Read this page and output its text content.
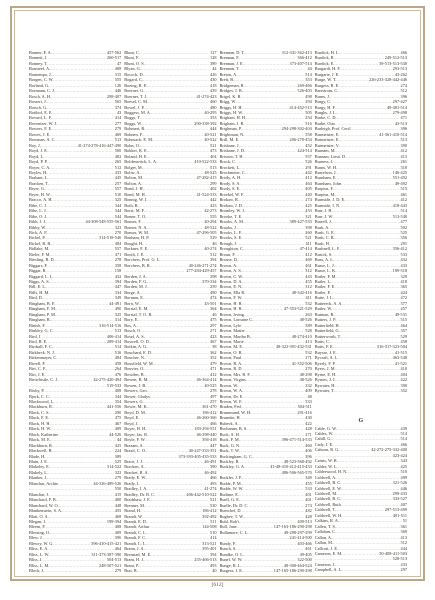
Bonner, F. A. .....	457-562
Bonnett, J. .....	260-517
Bonney, T. .....	47
Bonsteel, A. .....	408
Bontempo, J. .....	315
Borgen, C. W. .....	555
Borland, G. .....	126
Bormann, C. J. .....	446
Bosch, A. H. .....	298-407
Bossert, J. .....	565
Botsch, G. .....	374
Botthof, E. E. .....	43
Bovard, L. F. .....	414
Bovenizer, W. J. .....	277
Bowers, F. E. .....	279
Bowes, J. E. .....	469
Bowman, A. C. .....	513
Boy, J. .....	41-274-278-416-447-490
Boyd, J. E. .....	500
Boyd, L. .....	482
Boyd, P. P. .....	265
Boyer, C. A. .....	512
Boyles, H. .....	433
Brabant, L. .....	445
Bracken, T. .....	257
Bryer, G. .....	557
Bryer, H. W. .....	510
Bracco, A. H. .....	325
Bibe, C. J. .....	344
Bibe, L. J. .....	344
Bibe, O. J. .....	544
Bibb, J. J. .....	44-308-548-555-561
Bibby, W. .....	323
Bick, A. F. .....	270
Bickel, P. .....	314-518-546
Bickel, R. B. .....	484
Bidlake, M. .....	557
Bieler, F. M. .....	471
Biesling, B. D. .....	278
Biggars, F. .....	358
Biggar, R. .....	158
Biggard, L. L. .....	432
Biggs, A. S. .....	394
Bill, E. L. .....	447
Bills, H. M. .....	334
Bird, D. .....	349
Bingham, B. F. .....	44-491
Bingham, F. M. .....	490
Bingham, P. M. .....	325
Bingham, R. .....	314
Binish, F. .....	316-514-516
Binkley, G. C. .....	513
Bird, J. .....	406-414
Bird, R. E. .....	289-414
Birdsall, F. C. .....	514
Birkbeck, N. J. .....	516
Birkenmayer, C. .....	484
Birrell, F. .....	458
Birt, C. F. .....	264
Birt, J. E. .....	476
Birtwhistle, C. J. .....	42-275-420-494
.....
519-533
Bixby, P. .....	408
Bjork, C. C. .....	344
Blackwood, L. .....	354
Blackburn, R. .....	441-556
Black, C. S. .....	290
Black, F. E. .....	475
Black, H. H. .....	467
Black, H. W. .....	409
Black, Katherine .....	44-526
Black, M. E. .....	44
Blackburn, R. .....	425
Blackwell, B. .....	224
Blade, H. .....	389
Blain, J. E. .....	525
Blakeley, E. .....	314-522
Blakely, L. .....	322
Blanker, J. .....	279
Blanchar, Archie .....	44-326-489-526
.....
550
Blanchar, J. .....	415
Blanchard, P. B. .....	400
Blanchard, W. O. .....	448
Blankenstein, S. A. .....	455
Blatt, O. A. .....	468
Blegan, J. .....	199-394
Bleem, F. .....	408
Blessing, O. .....	409
Blew, J. .....	396
Blewry, W. G. .....	396-410-415-421
Bliss, E. A. .....	464
Bliss, L. W. .....	311-373-387-390
Bliss, J. .....	504-513
Bliss, L. M. .....	248-507-521
Block, J. .....	279
.....
Blunt, C. .....	127
Blunt, F. .....	128
Blunt, O. S. .....	389
Blyzn, G. .....	44
Bocock, D. .....	426
Bogard, C. .....	430
Boeing, R. E. .....	418
Boerner, G. .....	439
Boerner, T. J. .....	41-274-423
Boesel, C. M. .....	460
Bowel, J. P. .....	480
Boggess, M. A. .....	40-295
Boggs, T. .....	353
Boggs, W. .....	290-338-392
Bohmert, R. .....	444
Bohnen, F. .....	40-521
Bohnsack, E. M. .....	40-522
Bohn, O. .....	521
Bokker, K. E. .....	473
Boland, H. E. .....	404
Boldenwitch, L. A. .....	410-522-533
Bolger, M. .....	513
Boliw, A. .....	48-525
Bolton, M. .....	47-282-415
Bolton, A. .....	299
Bond, J. H. .....	402
Bond, M. H. .....	41-524-533
Bonnig, W. J. .....	442
Both, R. .....	423
Borst, M. F. .....	42-273
Bonne, T. O. .....	555
Bonser, F. .....	40-294
Bonser, N. A. .....	48-522
Bonser, W. M. .....	47-296-505
Bonham, H. P. .....	529
Bought, H. .....	46
Borkner, F. E. .....	40-274
Booth, J. E. .....	512
Borchers, Prof. G. L. .....	394
Borchers, B. R. .....	40-246-271-274
.....
277-284-429-457
Borden, J. A. .....	298
Borden, F. G. .....	370-334
Borden, M. J. .....	259
Borge, A. .....	490
Borman, E. .....	474
Born, W. .....	43-501
Borstal, E. M. .....	364
Borstal, T. O. R. .....	46
Bory, E. .....	475
Bos, A. .....	297
Bosch, O. .....	271
Bosel, A. S. .....	423
Boswell, O. D. .....	467
Botkin, A. G. .....	38
Bouchard, E. D. .....	362
Boucher, N. .....	352
Bousfield, W. M. .....	479
Bouvier, O. .....	471
Bowden, B. .....	412
Bowen, B. M. .....	46-364-414
Bowen, J. B. .....	40-525
Bowers, Geo. .....	278
Bower, Gladys .....	497
Bowers, G. .....	257
Bowie, M. K. .....	361-470
Boyd, D. M. .....	186-412
Boyd, E. .....	46-260-366
Boyd, J. .....	466
Boyer, H. H. .....	183-294-551
Boyer, Jas. R. .....	46-298-440
Boyle, F. W. .....	394-418
Brazam, A. .....	447
Brazil, C. O. .....	40-247-333-351
.....
373-393-405-435-533
Brace, J. J. .....	46-491
Bracken, A. .....	390
Bracket, R. A. .....	46-492
Brady, E. W. .....	466
Brady, J. .....	493
Bradley, J. A. .....	41-274
Bradley, Dr. B. C. .....	406-442-510-522
Bradshaw, J. E. .....	521
Brenner, M. .....	530
Brand, H. .....	186-412
Brandt, W. .....	392-492
Brandt, E. D. .....	511
Brandt, Arthur .....	144-508
Brandt, C. L. .....	510
Brandt, F. C. .....	414
Brandt, L. L. .....	313-521
Brann, J. A. .....	395-401
Brenstad, M. E. .....	394
Brant, H. J. .....	255-466-513
Brant, P. .....	493
Brat, B. .....	40
.....
Brennan, D. T. .....	312-341-362-413
Brennan, F. .....	366-412
Brennan, J. E. .....	373-407-514
Brennan, T. .....	44
Breton, A. .....	514
Brett, B. .....	353
Bridgeman, R. .....	269-466
Bridges, J. B. .....	526-403
Brigel, K. R. .....	498
Brigg, W. .....	294
Briggs, H. H. .....	414-452-513
Briggs, H. W. .....	505
Brigham, H. H. .....	254
Brigham, J. R. .....	516
Brighman, P. .....	294-298-302-404
Brightman, N. .....	558
Brill, M. E. .....	206-270-454
Brisbane, J. .....	452
Brisbane, J. D. .....	424-514
Bristow, T. H. .....	557
Brock, C. .....	526
Brockett, L. .....	291
Brockmeier, C. .....	442
Brody, A. H. .....	412
Brody, S. A. .....	464
Brody, S. E. .....	405
Broekel, W. F. .....	440
Brokaw, R. .....	274
Brokaw, J. D. .....	425
Bromley, W. J. .....	433
Brooke, T. E. .....	321
Brooks, A. M. .....	389-427-533
Brooks, J. .....	398
Brooks, L. F. .....	260
Brooks, S. E. .....	521
Brough, J. .....	411
Broughton, C. .....	47-414
Broun, F. .....	412
Brouse, D. .....	469
Brown, A. .....	461
Brown, A. S. .....	312
Brown, C. W. .....	443
Brown, D. A. .....	455
Brown, E. N. .....	312
Brown, Ella R. .....	48-342-416
Brown, F. W. .....	411
Brown, H. R. .....	532
Brown, H. R. .....	47-353-521-529
Brown, Irving .....	263
Brown, Lorraine C. .....	48-526
Brown, Lyle .....	389
Brown, Mattie .....	528
Brown, Martha B. .....	48-274-410
Brown, Marie .....	413
Brown, M. E. .....	48-322-391-432-531
Brown, O. B. .....	532
Brown, Paul .....	271
Brown, R. A. .....	41-352-506
Brown, R. D. .....	270
Brown, Mrs. R. F. .....	48-298
Brown, Virgins .....	48-526
Brown, W. .....	332
Brown, W. A. .....	409
Brown, Dr. E. .....	48
Brown, W. F. .....	333
Bruden, Fed. .....	504-511
Brummund, W. H. .....	291-416
Brunette, H. .....	430
Bubeck, A. .....	422
Buchanan, B. S. .....	428
Buck, A. H. .....	271
Buck, F. M. .....	396-471-514-533
Buck, G. N. .....	460
Buck, T. W. .....	406
Buckingham, G. C. .....	396
Buckley, R. .....	48-523-568-492
Buckley, G. A. .....	41-48-410-412-415-433
.....
486-506-565-570
Buckler, J. F. .....	349
Budde, P. M. .....	455
Budde, W. W. .....	533
Budime, E. .....	401
Buell, G. E. .....	401
Buelle, Dr. D. C. .....	274
Bueschel, D. .....	482
Bugbee, T. W. .....	428
Buhl, Rob't. .....	409-513
Bull, Jane .....	147-163-186-290-298
Bullamore, C. L. .....	49-298-297-299
.....
241-414-500
Bundy, F. .....	403-466
Bunch, S. .....	461
Bundke, O. L. .....	49-405
Bunel, W. W. .....	322-500
Bunge, R. L. .....	49-300-464-524
Burgess, J. E. .....	147-165-186-290-298
.....
Burdick, H. L. .....	466
Burdick, R. .....	249-512-513
Burdick, E. .....	39-513-513-530
Burgardt, H. F. .....	293-513
Burgarte, J. E. .....	43-262
Burge, W. T. .....	226-233-328-442-446
Burgess, R. E. .....	274
Barrstrom, C. .....	512
Burns, J. .....	396
Burgy, C. .....	297-427
Burgy, H. F. .....	49-481-514
Burghs, J. L. .....	279-498
Burke, C. D. .....	471
Burke, Otto .....	43-513
Burleigh, Prof. Cecil .....	396
Burmeister, E. .....	41-361-410-514
Burmeister, E. .....	513
Burmeister, V. .....	390
Burnam, M. .....	412
Burnam, Lieut. D. .....	413
Burness, J. .....	261
Burns, W. H. .....	318
Burrelson, J. .....	146-425
Burnham, E. .....	551-492
Burnham, John .....	49-492
Burpius, F. .....	515
Burpius, M. .....	461
Burnside, J. D. E. .....	412
Burnside, I. N. .....	418-443
Burr, J. H. .....	514
Burr, J. W. .....	513-540
Burrell, J. .....	477
Burk, A. .....	502
Bush, G. E. .....	525
Bush, C. R. .....	356
Bush, H. .....	291
Bushnell, L. F. .....	356-412
Busick, S. .....	533
Buss, A. L. .....	432
Busse, L. J. .....	433
Busse, L. K. .....	189-518
Butler, F. M. .....	329
Butler, L. .....	418
Butler, F. E. .....	365
Butler, P. .....	424
Butte, J. L. .....	472
Buttereck, A. A. .....	377
Butler, W. .....	457
Butman, R. .....	49-531
Butters, J. P. .....	515
Butterfield, H. .....	464
Butterfield, G. .....	357
Butterworth, T. .....	529
Butts, C. .....	458
Butts, F. E. .....	316-317-323-504
Buysse, J. E. .....	41-515
Bycraft, A. L. .....	463-548
Byerly, F. P. .....	41-521
Byers, J. M. .....	410
Byrne, E. H. .....	404
Byrnes, J. J. .....	422
Bywater, H. .....	390
Bywater, T. .....	352
G
Cable, G. W. .....	439
Cables, W. .....	514
Cahill, G. .....	514
Cady, J. E. .....	466
Cahoon, R. G. .....	42-272-275-332-400
.....
423-424
Cairns, W. R. .....	343
Calder, W. L. .....	425
Calderwood, H. N. .....	510
Caldwell, A. .....	499
Caldwell, B. C. .....	321-526
Caldwell, E. W. .....	446
Caldwell, M. .....	299-433
Caldwell, R. C. .....	333-527
Caldwell, Ruth .....	407
Caldwell, T. .....	297-513-499
Caldwell, W. H. .....	491-511
Calkins, R. A. .....	51
Callen, T. S. .....	361
Callahan, C. .....	369
Callan, A. .....	413
Callan, M. .....	512
Callcott, J. E. .....	444
Cameron, E. M. .....	50-408-411-503
.....
528-513
Cameron, J. .....	433
Campbell, A. L. .....	297
.....
[612]
